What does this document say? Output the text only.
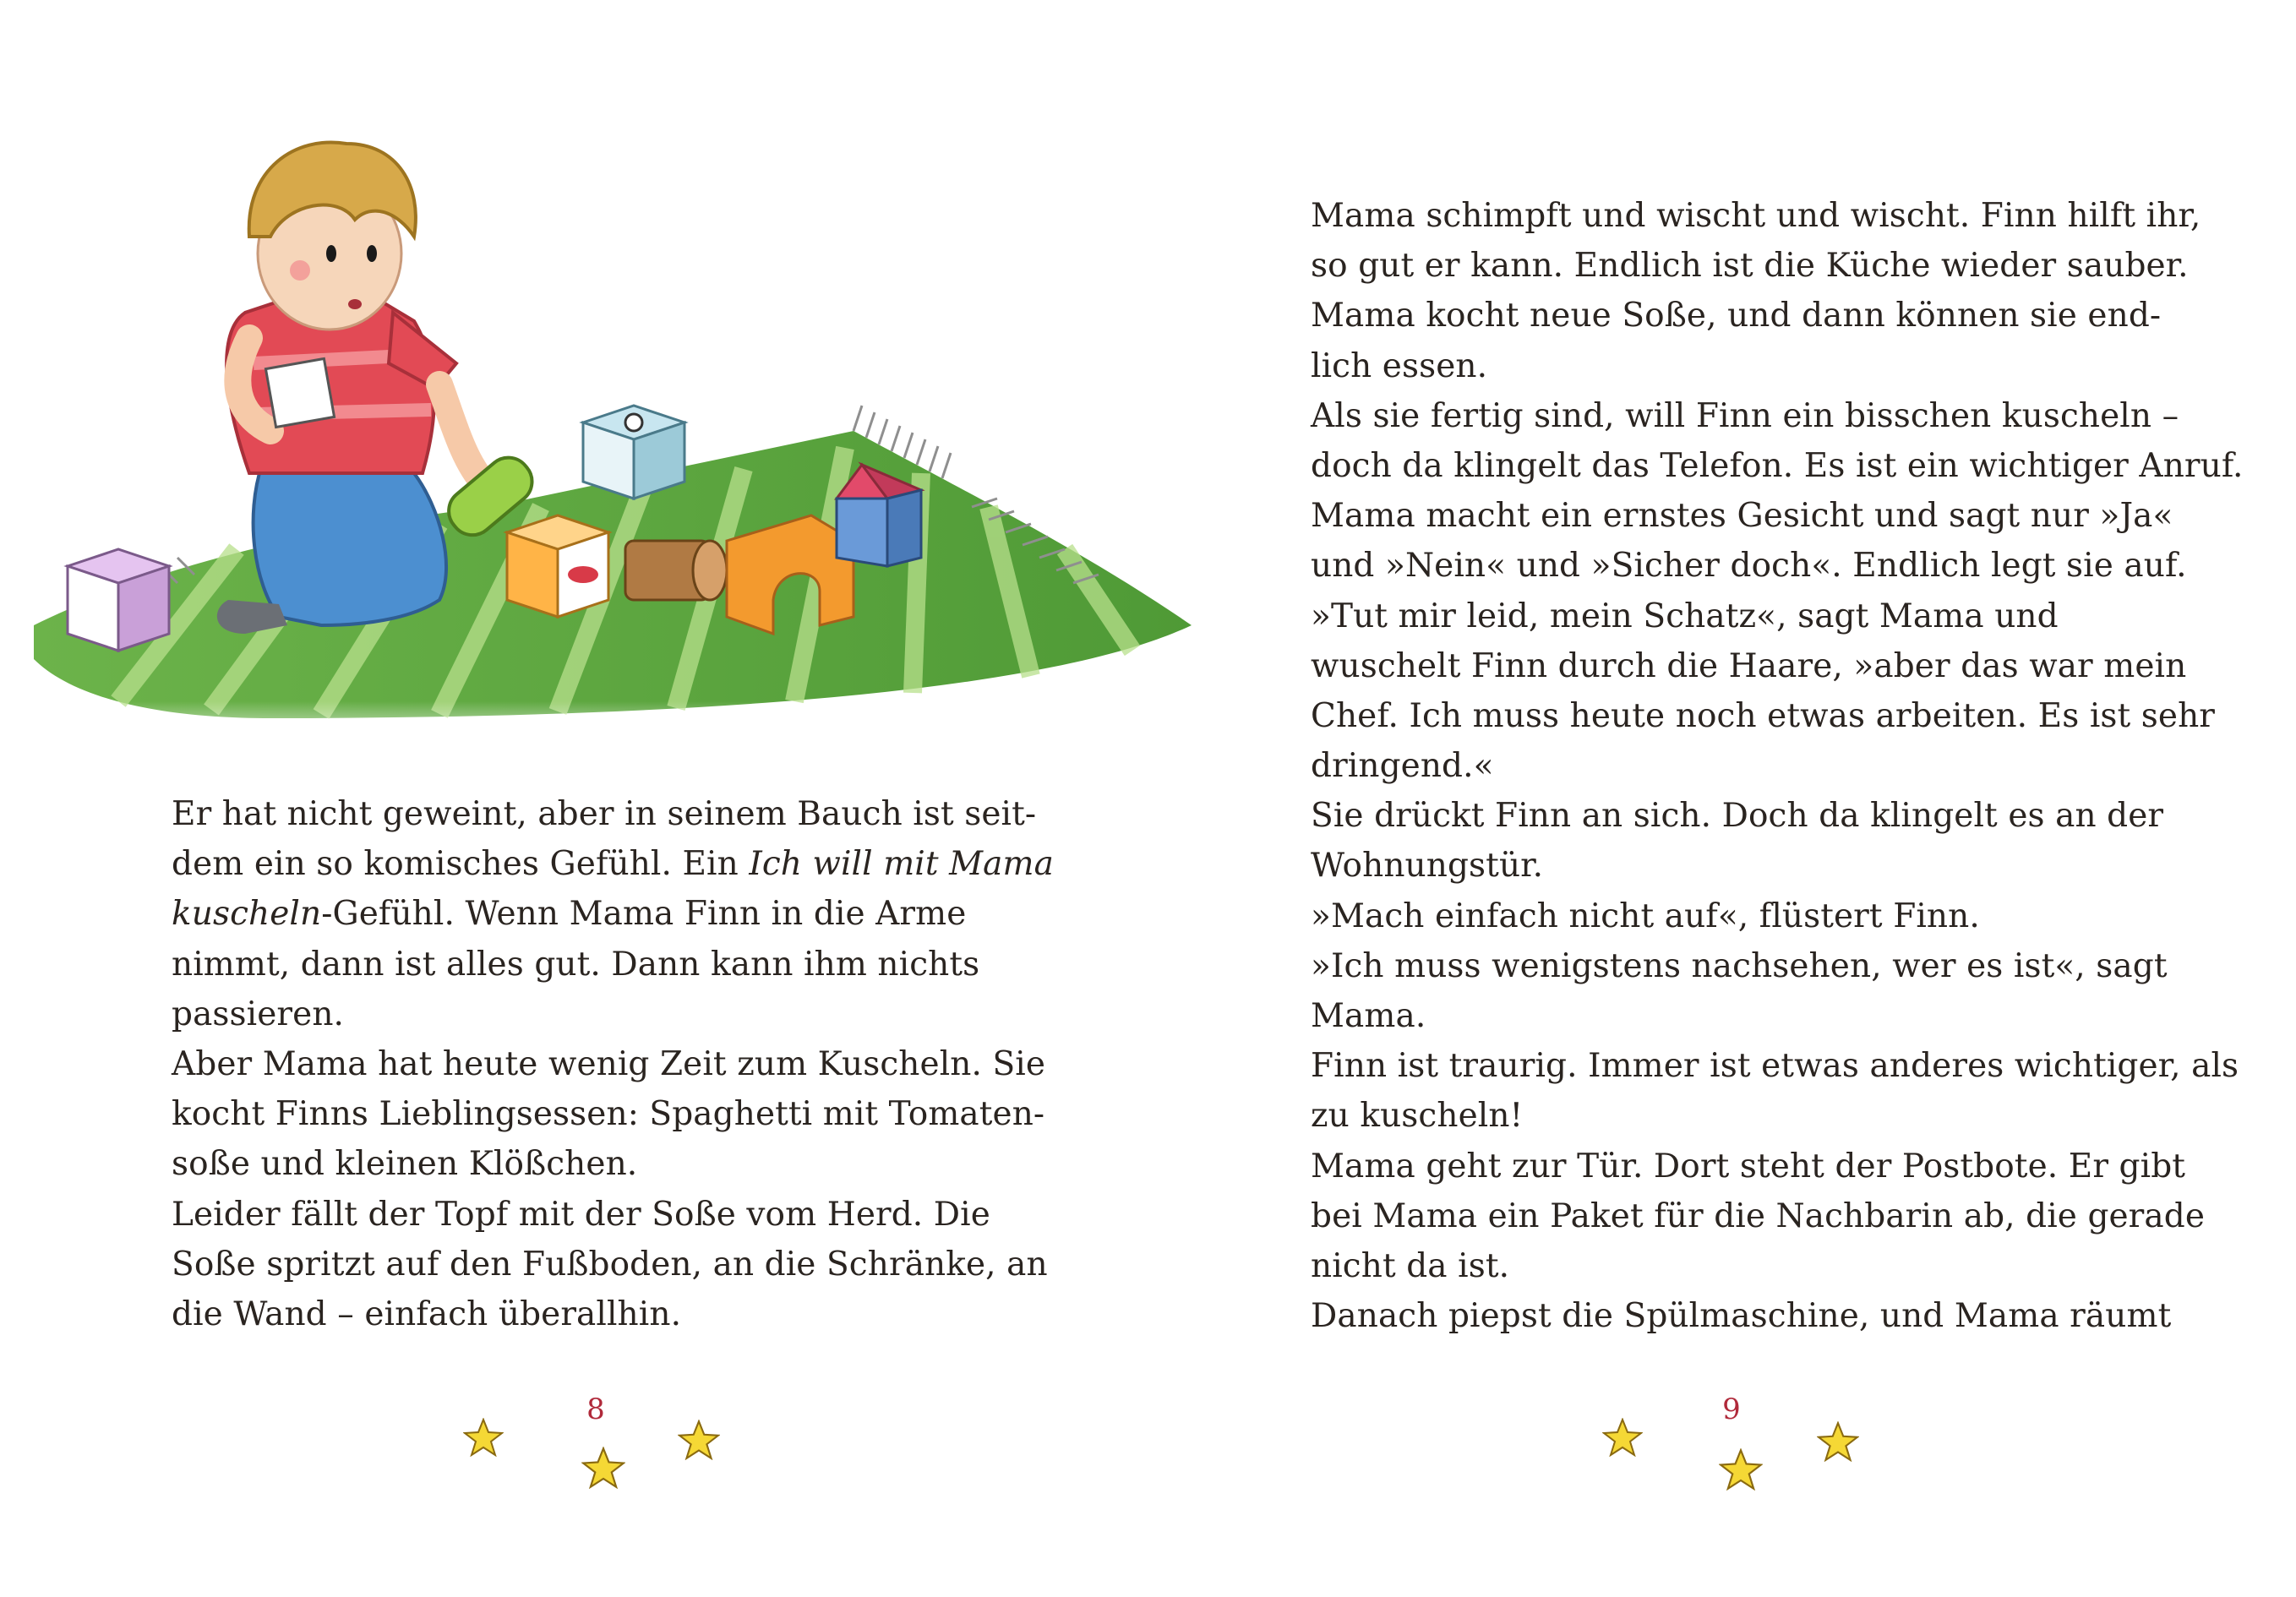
Er hat nicht geweint, aber in seinem Bauch ist seit-
dem ein so komisches Gefühl. Ein Ich will mit Mama
kuscheln-Gefühl. Wenn Mama Finn in die Arme
nimmt, dann ist alles gut. Dann kann ihm nichts
passieren.
Aber Mama hat heute wenig Zeit zum Kuscheln. Sie
kocht Finns Lieblingsessen: Spaghetti mit Tomaten-
soße und kleinen Klößchen.
Leider fällt der Topf mit der Soße vom Herd. Die
Soße spritzt auf den Fußboden, an die Schränke, an
die Wand – einfach überallhin.
8
Mama schimpft und wischt und wischt. Finn hilft ihr,
so gut er kann. Endlich ist die Küche wieder sauber.
Mama kocht neue Soße, und dann können sie end-
lich essen.
Als sie fertig sind, will Finn ein bisschen kuscheln –
doch da klingelt das Telefon. Es ist ein wichtiger Anruf.
Mama macht ein ernstes Gesicht und sagt nur »Ja«
und »Nein« und »Sicher doch«. Endlich legt sie auf.
»Tut mir leid, mein Schatz«, sagt Mama und
wuschelt Finn durch die Haare, »aber das war mein
Chef. Ich muss heute noch etwas arbeiten. Es ist sehr
dringend.«
Sie drückt Finn an sich. Doch da klingelt es an der
Wohnungstür.
»Mach einfach nicht auf«, flüstert Finn.
»Ich muss wenigstens nachsehen, wer es ist«, sagt
Mama.
Finn ist traurig. Immer ist etwas anderes wichtiger, als
zu kuscheln!
Mama geht zur Tür. Dort steht der Postbote. Er gibt
bei Mama ein Paket für die Nachbarin ab, die gerade
nicht da ist.
Danach piepst die Spülmaschine, und Mama räumt
9
